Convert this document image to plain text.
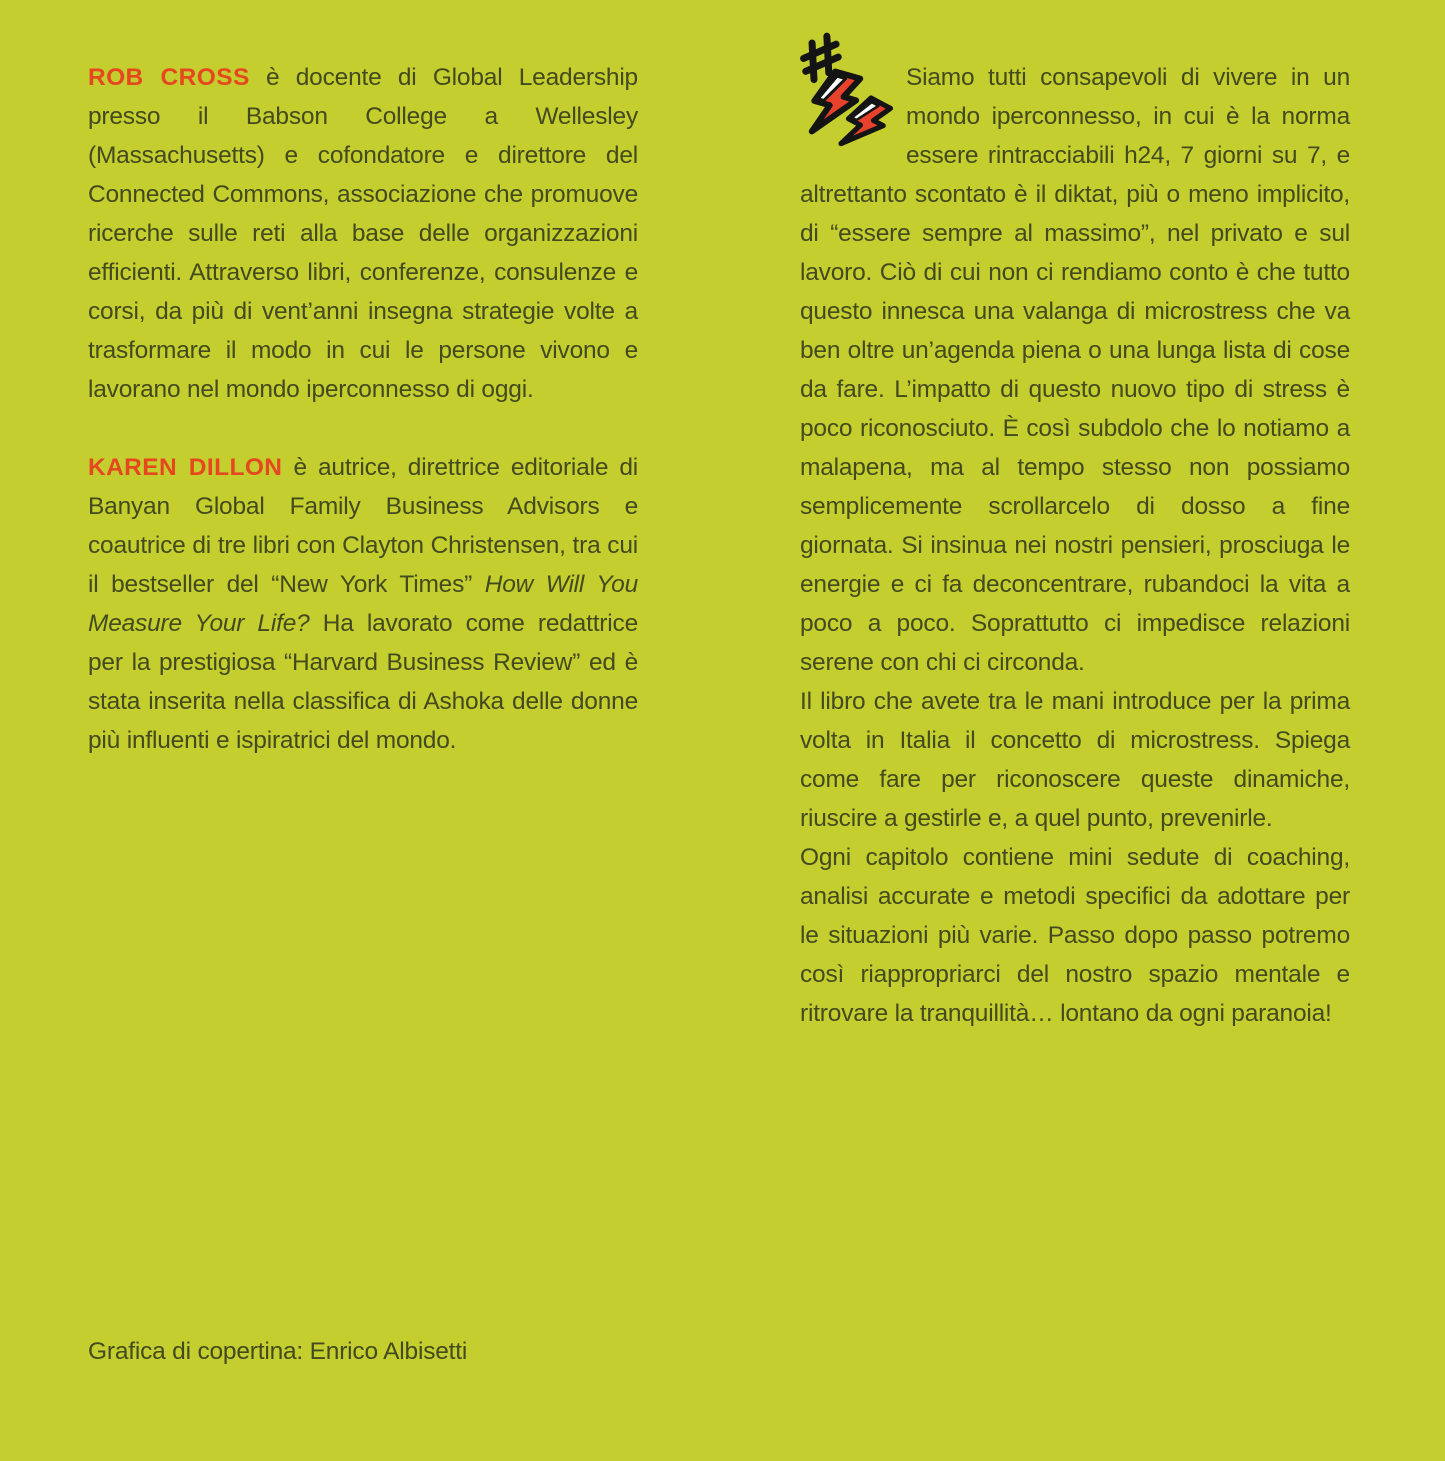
ROB CROSS è docente di Global Leadership presso il Babson College a Wellesley (Massachusetts) e cofondatore e direttore del Connected Commons, associazione che promuove ricerche sulle reti alla base delle organizzazioni efficienti. Attraverso libri, conferenze, consulenze e corsi, da più di vent’anni insegna strategie volte a trasformare il modo in cui le persone vivono e lavorano nel mondo iperconnesso di oggi.

KAREN DILLON è autrice, direttrice editoriale di Banyan Global Family Business Advisors e coautrice di tre libri con Clayton Christensen, tra cui il bestseller del “New York Times” How Will You Measure Your Life? Ha lavorato come redattrice per la prestigiosa “Harvard Business Review” ed è stata inserita nella classifica di Ashoka delle donne più influenti e ispiratrici del mondo.

Siamo tutti consapevoli di vivere in un mondo iperconnesso, in cui è la norma essere rintracciabili h24, 7 giorni su 7, e altrettanto scontato è il diktat, più o meno implicito, di “essere sempre al massimo”, nel privato e sul lavoro. Ciò di cui non ci rendiamo conto è che tutto questo innesca una valanga di microstress che va ben oltre un’agenda piena o una lunga lista di cose da fare. L’impatto di questo nuovo tipo di stress è poco riconosciuto. È così subdolo che lo notiamo a malapena, ma al tempo stesso non possiamo semplicemente scrollarcelo di dosso a fine giornata. Si insinua nei nostri pensieri, prosciuga le energie e ci fa deconcentrare, rubandoci la vita a poco a poco. Soprattutto ci impedisce relazioni serene con chi ci circonda.

Il libro che avete tra le mani introduce per la prima volta in Italia il concetto di microstress. Spiega come fare per riconoscere queste dinamiche, riuscire a gestirle e, a quel punto, prevenirle.

Ogni capitolo contiene mini sedute di coaching, analisi accurate e metodi specifici da adottare per le situazioni più varie. Passo dopo passo potremo così riappropriarci del nostro spazio mentale e ritrovare la tranquillità… lontano da ogni paranoia!

Grafica di copertina: Enrico Albisetti
